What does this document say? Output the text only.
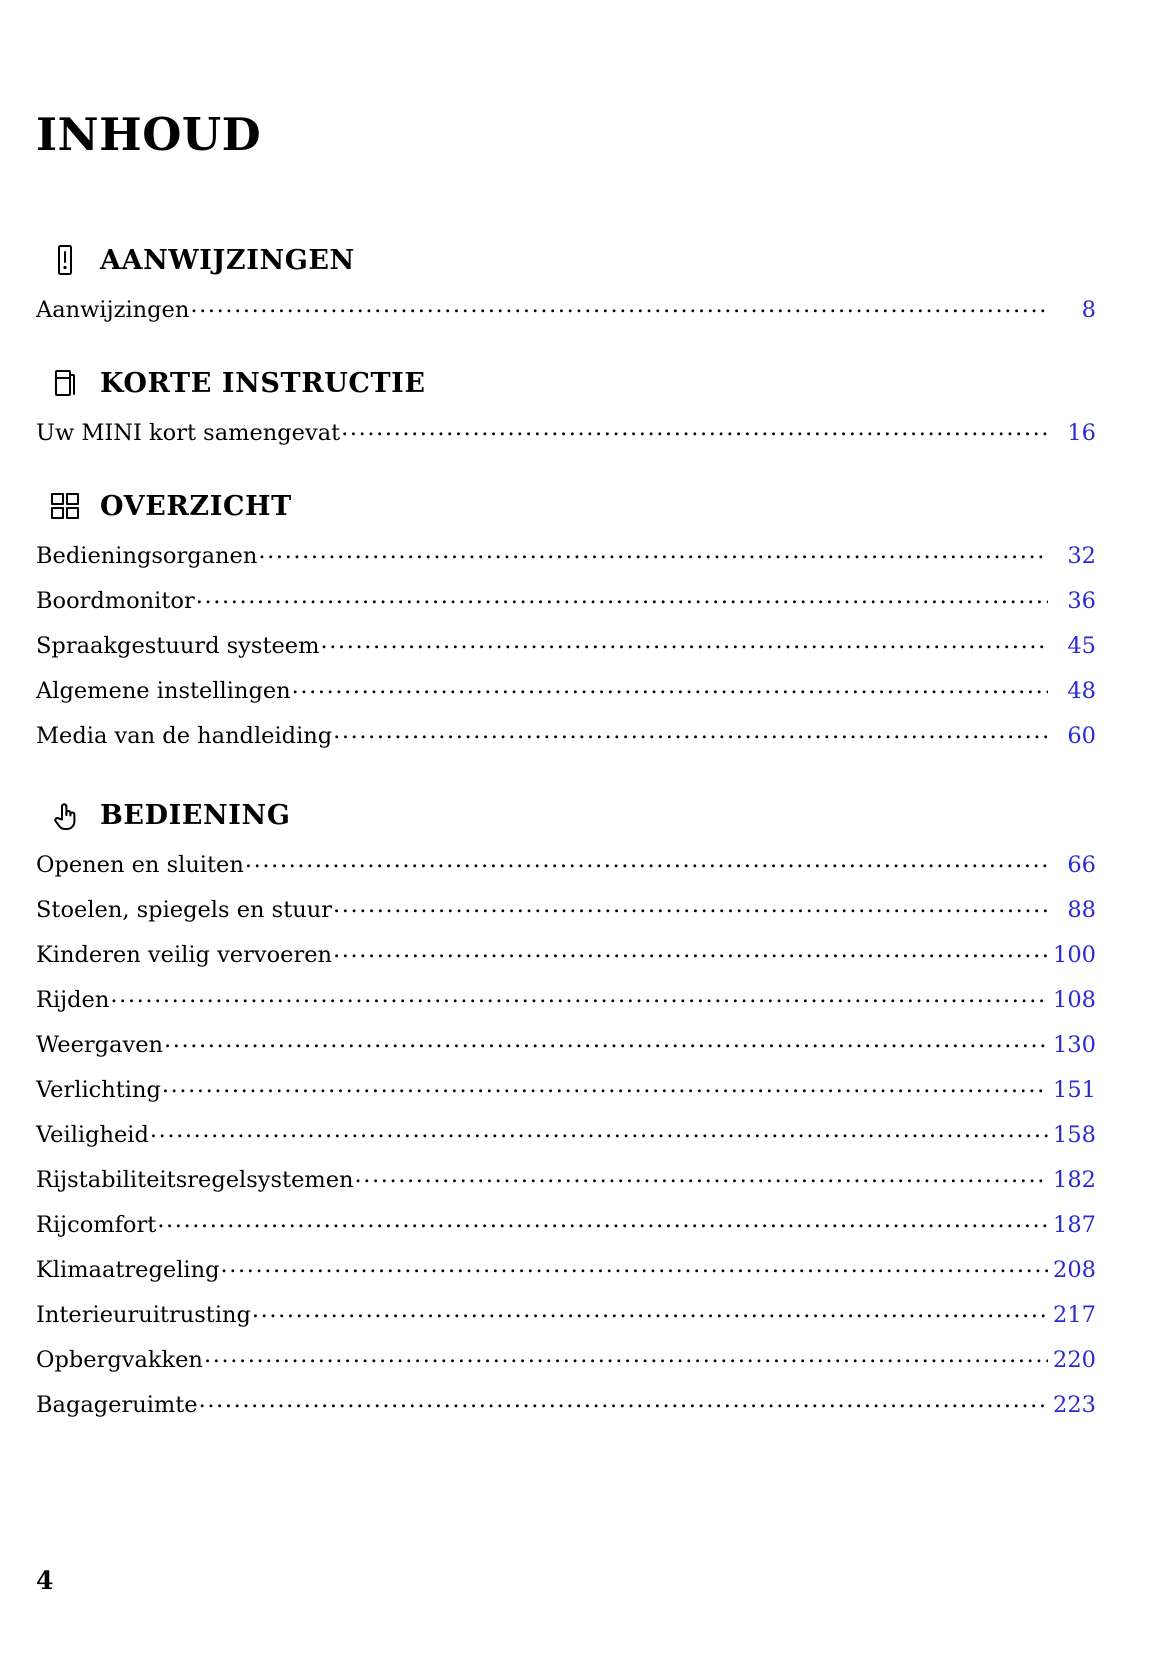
INHOUD
AANWIJZINGEN
Aanwijzingen .....	8
KORTE INSTRUCTIE
Uw MINI kort samengevat .....	16
OVERZICHT
Bedieningsorganen .....	32
Boordmonitor .....	36
Spraakgestuurd systeem .....	45
Algemene instellingen .....	48
Media van de handleiding .....	60
BEDIENING
Openen en sluiten .....	66
Stoelen, spiegels en stuur .....	88
Kinderen veilig vervoeren .....	100
Rijden .....	108
Weergaven .....	130
Verlichting .....	151
Veiligheid .....	158
Rijstabiliteitsregelsystemen .....	182
Rijcomfort .....	187
Klimaatregeling .....	208
Interieuruitrusting .....	217
Opbergvakken .....	220
Bagageruimte .....	223
4
